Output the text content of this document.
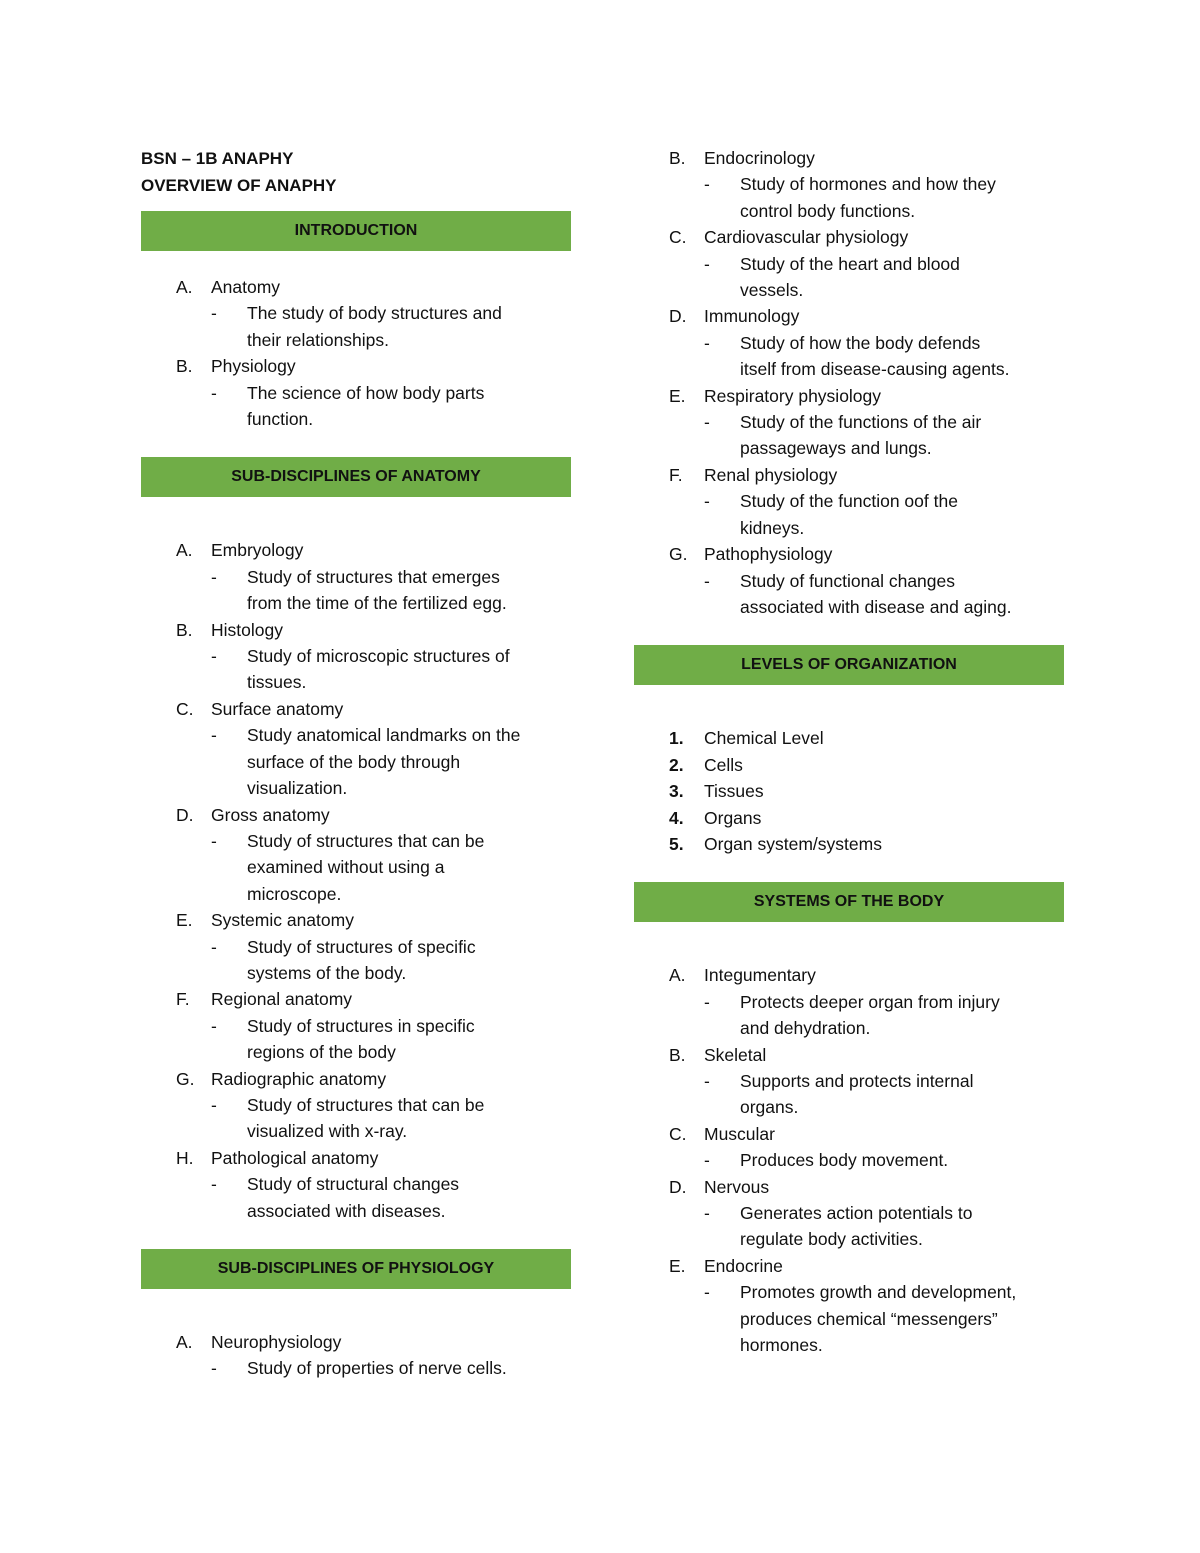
BSN – 1B ANAPHY

OVERVIEW OF ANAPHY

INTRODUCTION
A.	Anatomy
-	The study of body structures and
their relationships.
B.	Physiology
-	The science of how body parts
function.
SUB-DISCIPLINES OF ANATOMY
A.	Embryology
-	Study of structures that emerges
from the time of the fertilized egg.
B.	Histology
-	Study of microscopic structures of
tissues.
C.	Surface anatomy
-	Study anatomical landmarks on the
surface of the body through
visualization.
D.	Gross anatomy
-	Study of structures that can be
examined without using a
microscope.
E.	Systemic anatomy
-	Study of structures of specific
systems of the body.
F.	Regional anatomy
-	Study of structures in specific
regions of the body
G. Radiographic anatomy
-	Study of structures that can be
visualized with x-ray.
H.	Pathological anatomy
-	Study of structural changes
associated with diseases.
SUB-DISCIPLINES OF PHYSIOLOGY
A.	Neurophysiology
-	Study of properties of nerve cells.
B.	Endocrinology
-	Study of hormones and how they
control body functions.
C.	Cardiovascular physiology
-	Study of the heart and blood
vessels.
D.	Immunology
-	Study of how the body defends
itself from disease-causing agents.
E.	Respiratory physiology
-	Study of the functions of the air
passageways and lungs.
F.	Renal physiology
-	Study of the function oof the
kidneys.
G. Pathophysiology
-	Study of functional changes
associated with disease and aging.
LEVELS OF ORGANIZATION
1.	Chemical Level
2.	Cells
3.	Tissues
4.	Organs
5.	Organ system/systems
SYSTEMS OF THE BODY
A.	Integumentary
-	Protects deeper organ from injury
and dehydration.
B.	Skeletal
-	Supports and protects internal
organs.
C.	Muscular
-	Produces body movement.
D.	Nervous
-	Generates action potentials to
regulate body activities.
E.	Endocrine
-	Promotes growth and development,
produces chemical “messengers”
hormones.
